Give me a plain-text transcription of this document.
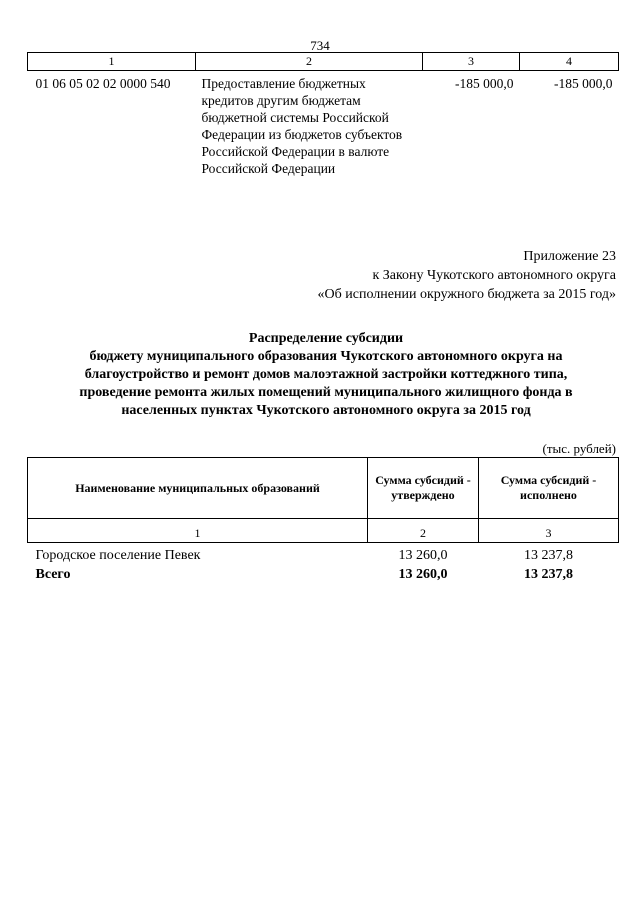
734
1	2	3	4
01 06 05 02 02 0000 540	Предоставление бюджетных кредитов другим бюджетам бюджетной системы Российской Федерации из бюджетов субъектов Российской Федерации в валюте Российской Федерации	-185 000,0	-185 000,0
Приложение 23
к Закону Чукотского автономного округа
«Об исполнении окружного бюджета за 2015 год»
Распределение субсидии
бюджету муниципального образования Чукотского автономного округа на
благоустройство и ремонт домов малоэтажной застройки коттеджного типа,
проведение ремонта жилых помещений муниципального жилищного фонда в
населенных пунктах Чукотского автономного округа за 2015 год
(тыс. рублей)
Наименование муниципальных образований	Сумма субсидий - утверждено	Сумма субсидий - исполнено
1	2	3
Городское поселение Певек	13 260,0	13 237,8
Всего	13 260,0	13 237,8
